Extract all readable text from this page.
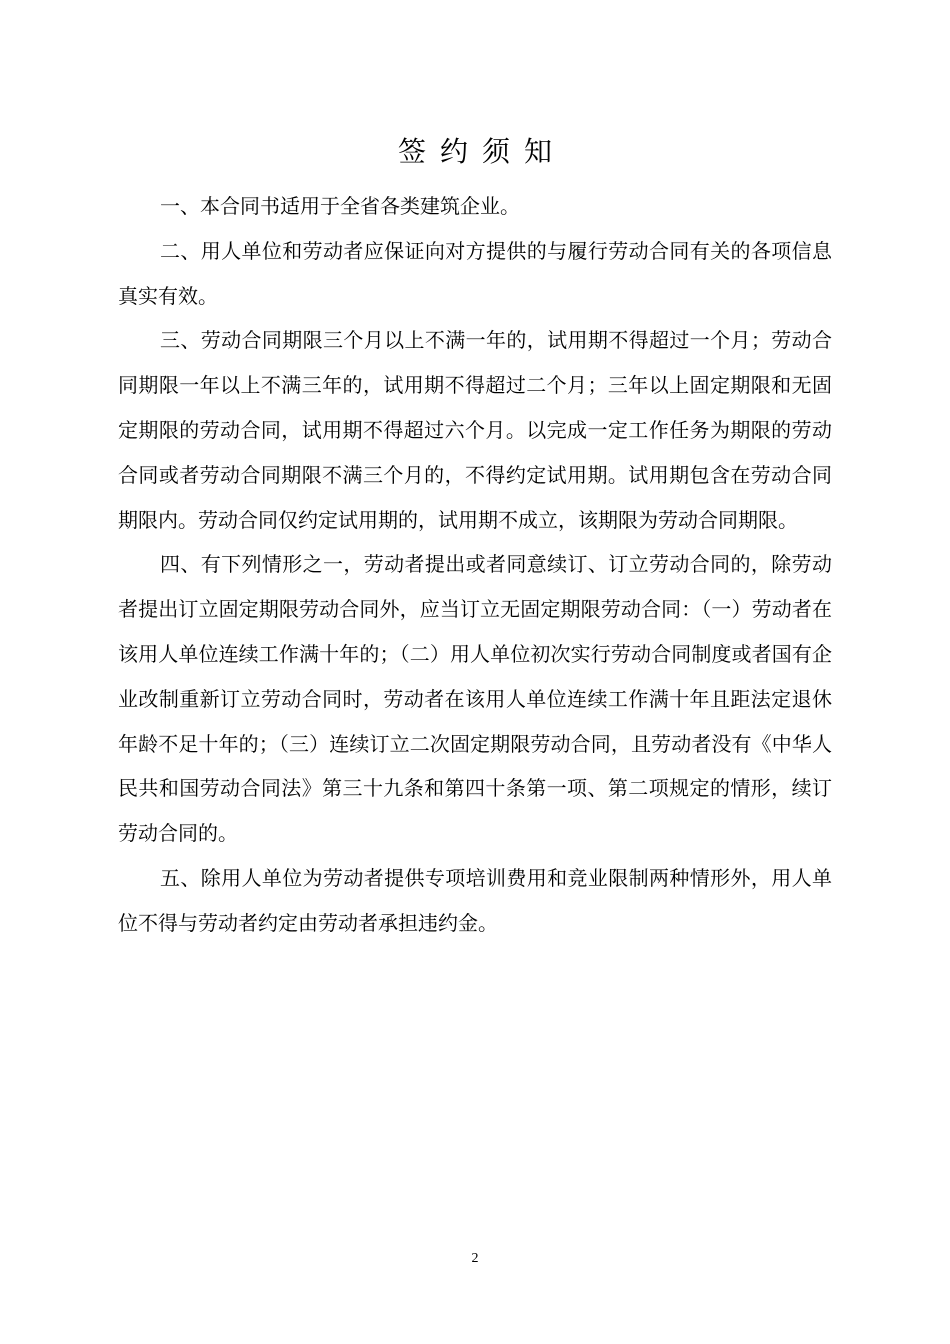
签约须知

一、本合同书适用于全省各类建筑企业。

二、用人单位和劳动者应保证向对方提供的与履行劳动合同有关的各项信息真实有效。

三、劳动合同期限三个月以上不满一年的，试用期不得超过一个月；劳动合同期限一年以上不满三年的，试用期不得超过二个月；三年以上固定期限和无固定期限的劳动合同，试用期不得超过六个月。以完成一定工作任务为期限的劳动合同或者劳动合同期限不满三个月的，不得约定试用期。试用期包含在劳动合同期限内。劳动合同仅约定试用期的，试用期不成立，该期限为劳动合同期限。

四、有下列情形之一，劳动者提出或者同意续订、订立劳动合同的，除劳动者提出订立固定期限劳动合同外，应当订立无固定期限劳动合同：（一）劳动者在该用人单位连续工作满十年的；（二）用人单位初次实行劳动合同制度或者国有企业改制重新订立劳动合同时，劳动者在该用人单位连续工作满十年且距法定退休年龄不足十年的；（三）连续订立二次固定期限劳动合同，且劳动者没有《中华人民共和国劳动合同法》第三十九条和第四十条第一项、第二项规定的情形，续订劳动合同的。

五、除用人单位为劳动者提供专项培训费用和竞业限制两种情形外，用人单位不得与劳动者约定由劳动者承担违约金。

2
